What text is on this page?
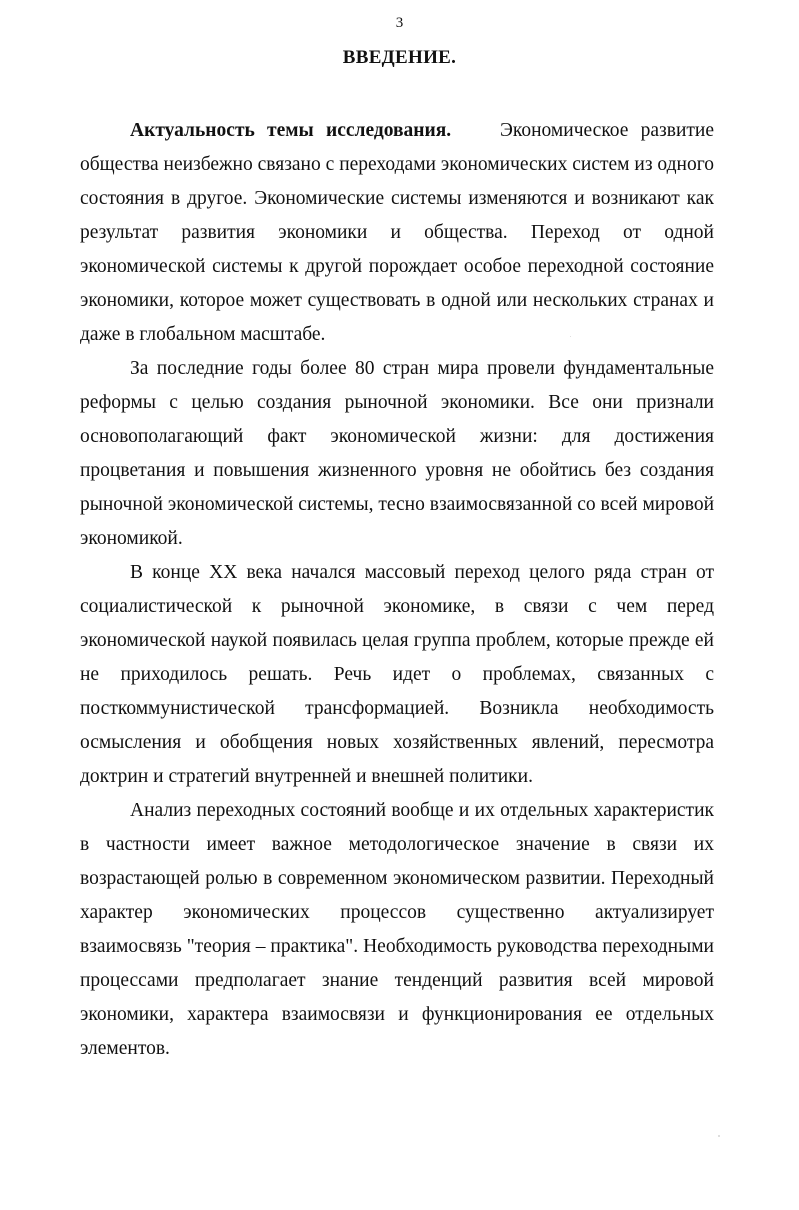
3
ВВЕДЕНИЕ.

Актуальность темы исследования.	Экономическое развитие общества неизбежно связано с переходами экономических систем из одного состояния в другое. Экономические системы изменяются и возникают как результат развития экономики и общества. Переход от одной экономической системы к другой порождает особое переходной состояние экономики, которое может существовать в одной или нескольких странах и даже в глобальном масштабе.

За последние годы более 80 стран мира провели фундаментальные реформы с целью создания рыночной экономики. Все они признали основополагающий факт экономической жизни: для достижения процветания и повышения жизненного уровня не обойтись без создания рыночной экономической системы, тесно взаимосвязанной со всей мировой экономикой.

В конце XX века начался массовый переход целого ряда стран от социалистической к рыночной экономике, в связи с чем перед экономической наукой появилась целая группа проблем, которые прежде ей не приходилось решать. Речь идет о проблемах, связанных с посткоммунистической трансформацией. Возникла необходимость осмысления и обобщения новых хозяйственных явлений, пересмотра доктрин и стратегий внутренней и внешней политики.

Анализ переходных состояний вообще и их отдельных характеристик в частности имеет важное методологическое значение в связи их возрастающей ролью в современном экономическом развитии. Переходный характер экономических процессов существенно актуализирует взаимосвязь "теория – практика". Необходимость руководства переходными процессами предполагает знание тенденций развития всей мировой экономики, характера взаимосвязи и функционирования ее отдельных элементов.
